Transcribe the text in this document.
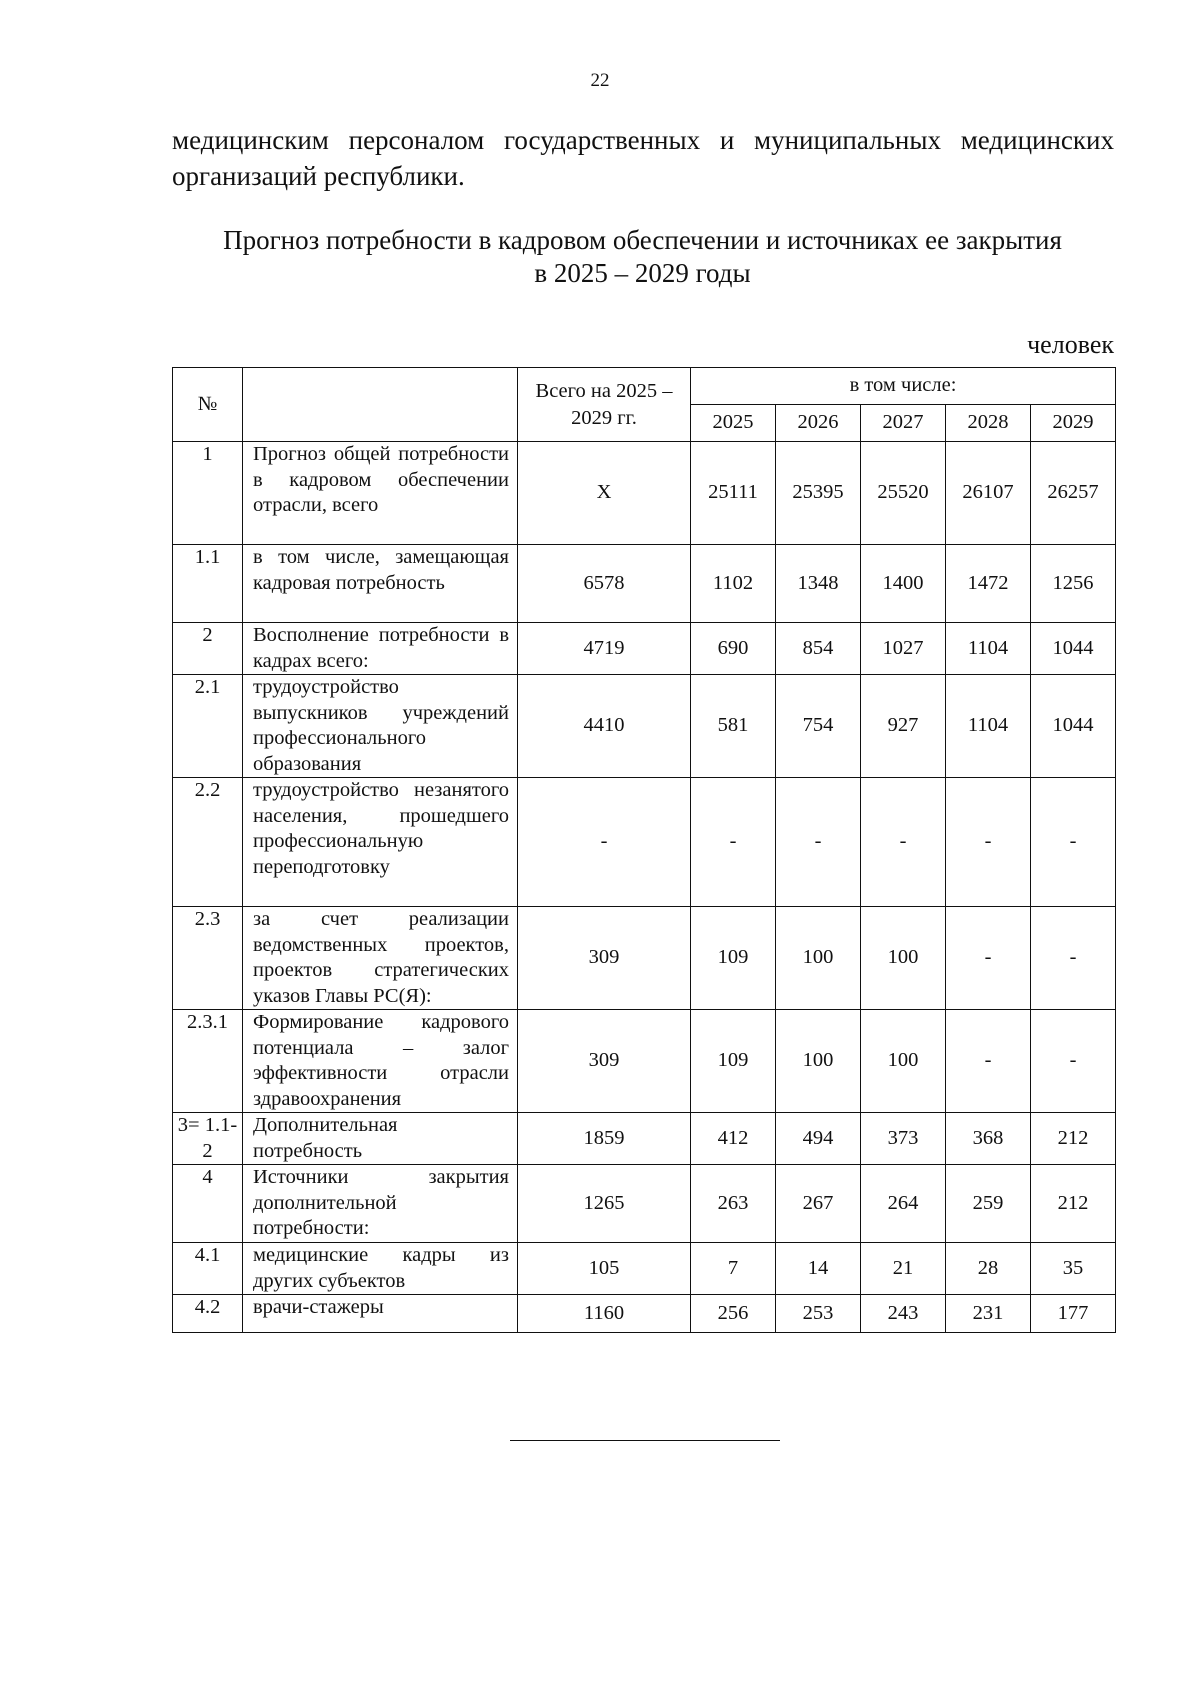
22
медицинским персоналом государственных и муниципальных медицинских организаций республики.
Прогноз потребности в кадровом обеспечении и источниках ее закрытия
в 2025 – 2029 годы
человек
№		Всего на 2025 – 2029 гг.	в том числе:				
			2025	2026	2027	2028	2029
1	Прогноз общей потребности в кадровом обеспечении отрасли, всего	Х	25111	25395	25520	26107	26257
1.1	в том числе, замещающая кадровая потребность	6578	1102	1348	1400	1472	1256
2	Восполнение потребности в кадрах всего:	4719	690	854	1027	1104	1044
2.1	трудоустройство выпускников учреждений профессионального образования	4410	581	754	927	1104	1044
2.2	трудоустройство незанятого населения, прошедшего профессиональную переподготовку	-	-	-	-	-	-
2.3	за счет реализации ведомственных проектов, проектов стратегических указов Главы РС(Я):	309	109	100	100	-	-
2.3.1	Формирование кадрового потенциала – залог эффективности отрасли здравоохранения	309	109	100	100	-	-
3= 1.1-2	Дополнительная потребность	1859	412	494	373	368	212
4	Источники закрытия дополнительной потребности:	1265	263	267	264	259	212
4.1	медицинские кадры из других субъектов	105	7	14	21	28	35
4.2	врачи-стажеры	1160	256	253	243	231	177
